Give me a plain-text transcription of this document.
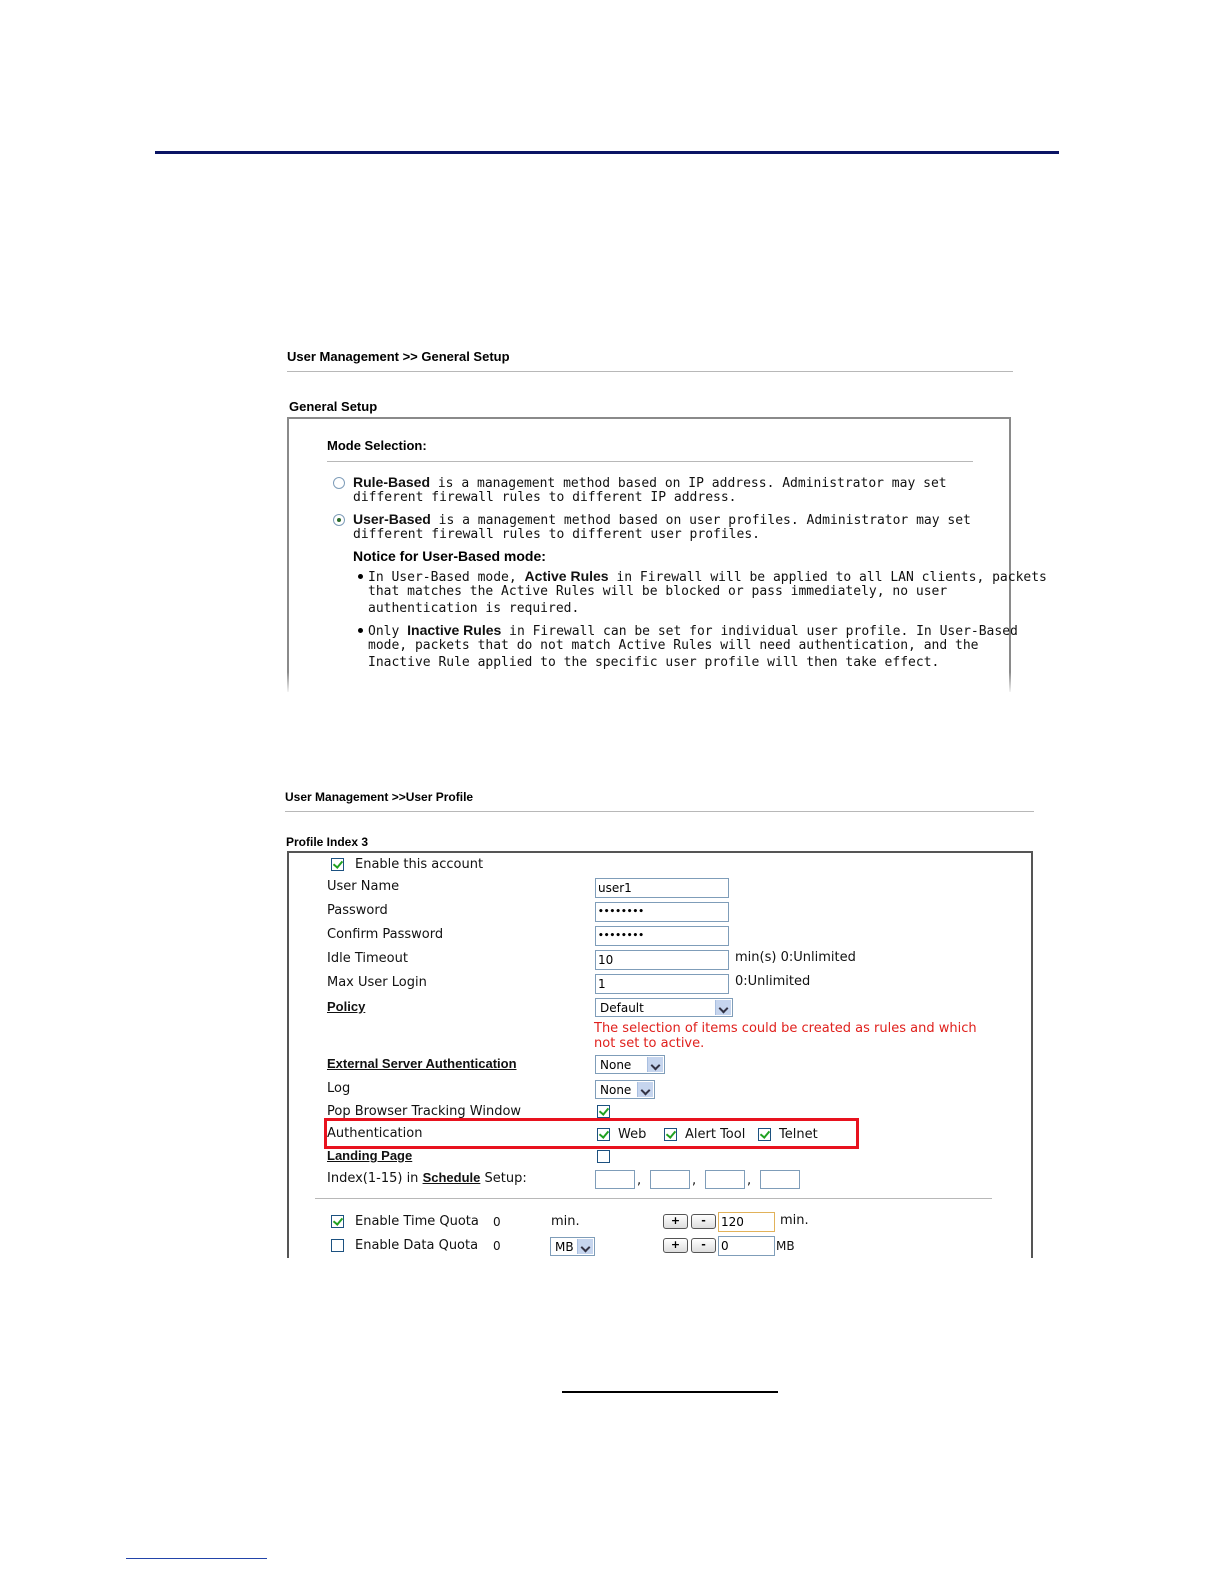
User Management >> General Setup
General Setup
Mode Selection:
Rule-Based is a management method based on IP address. Administrator may set
different firewall rules to different IP address.
User-Based is a management method based on user profiles. Administrator may set
different firewall rules to different user profiles.
Notice for User-Based mode:
In User-Based mode, Active Rules in Firewall will be applied to all LAN clients, packets
that matches the Active Rules will be blocked or pass immediately, no user
authentication is required.
Only Inactive Rules in Firewall can be set for individual user profile. In User-Based
mode, packets that do not match Active Rules will need authentication, and the
Inactive Rule applied to the specific user profile will then take effect.
User Management >>User Profile
Profile Index 3
Enable this account
User Name	user1
Password	••••••••
Confirm Password	••••••••
Idle Timeout	10	min(s) 0:Unlimited
Max User Login	1	0:Unlimited
Policy	Default
The selection of items could be created as rules and which
not set to active.
External Server Authentication	None
Log	None
Pop Browser Tracking Window
Authentication	Web	Alert Tool	Telnet
Landing Page
Index(1-15) in Schedule Setup:	,	,	,
Enable Time Quota 0	min.	+	-	120	min.
Enable Data Quota 0	MB	+	-	0	MB
